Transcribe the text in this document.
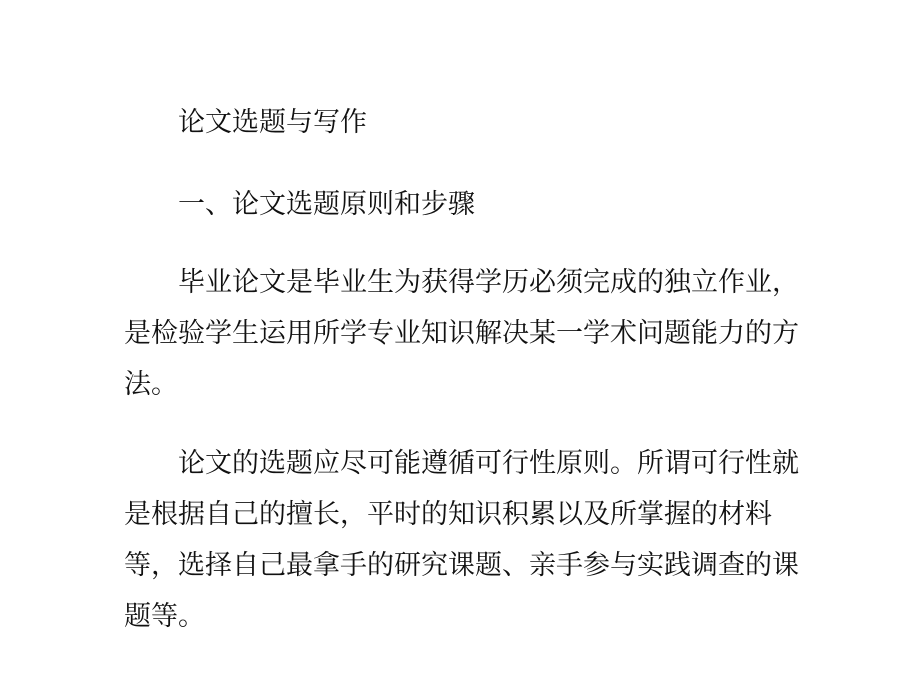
论文选题与写作

一、论文选题原则和步骤

毕业论文是毕业生为获得学历必须完成的独立作业，是检验学生运用所学专业知识解决某一学术问题能力的方法。

论文的选题应尽可能遵循可行性原则。所谓可行性就是根据自己的擅长，平时的知识积累以及所掌握的材料等，选择自己最拿手的研究课题、亲手参与实践调查的课题等。
